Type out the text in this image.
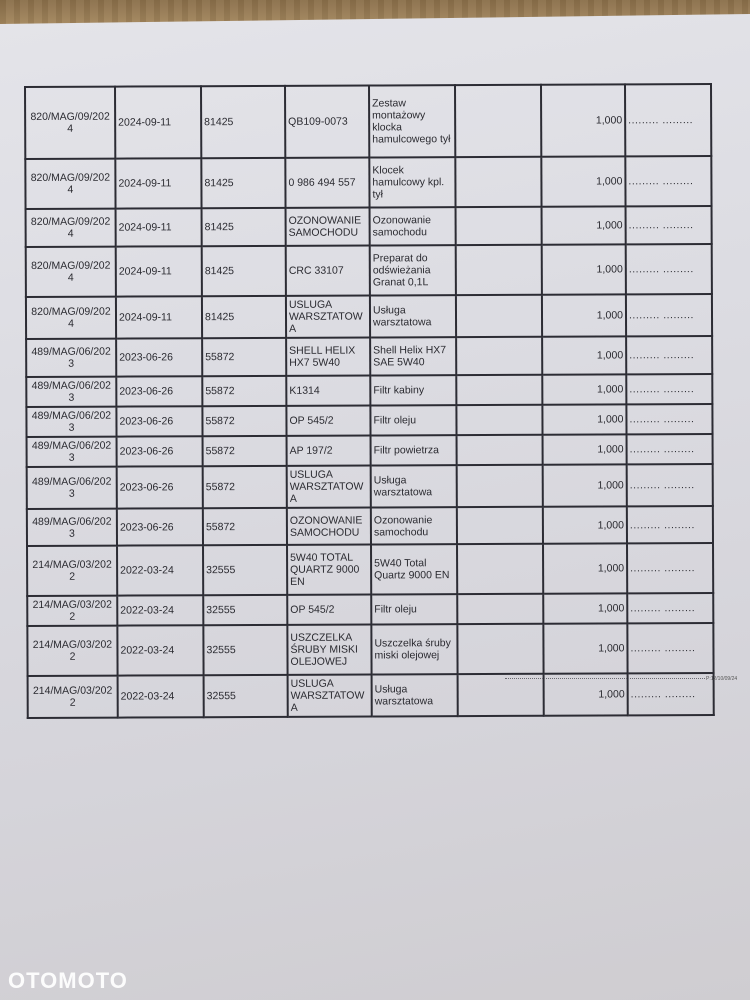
820/MAG/09/2024	2024-09-11	81425	QB109-0073	Zestaw montażowy klocka hamulcowego tył		1,000	......... .........
820/MAG/09/2024	2024-09-11	81425	0 986 494 557	Klocek hamulcowy kpl. tył		1,000	......... .........
820/MAG/09/2024	2024-09-11	81425	OZONOWANIE SAMOCHODU	Ozonowanie samochodu		1,000	......... .........
820/MAG/09/2024	2024-09-11	81425	CRC 33107	Preparat do odświeżania Granat 0,1L		1,000	......... .........
820/MAG/09/2024	2024-09-11	81425	USLUGA WARSZTATOWA	Usługa warsztatowa		1,000	......... .........
489/MAG/06/2023	2023-06-26	55872	SHELL HELIX HX7 5W40	Shell Helix HX7 SAE 5W40		1,000	......... .........
489/MAG/06/2023	2023-06-26	55872	K1314	Filtr kabiny		1,000	......... .........
489/MAG/06/2023	2023-06-26	55872	OP 545/2	Filtr oleju		1,000	......... .........
489/MAG/06/2023	2023-06-26	55872	AP 197/2	Filtr powietrza		1,000	......... .........
489/MAG/06/2023	2023-06-26	55872	USLUGA WARSZTATOWA	Usługa warsztatowa		1,000	......... .........
489/MAG/06/2023	2023-06-26	55872	OZONOWANIE SAMOCHODU	Ozonowanie samochodu		1,000	......... .........
214/MAG/03/2022	2022-03-24	32555	5W40 TOTAL QUARTZ 9000 EN	5W40 Total Quartz 9000 EN		1,000	......... .........
214/MAG/03/2022	2022-03-24	32555	OP 545/2	Filtr oleju		1,000	......... .........
214/MAG/03/2022	2022-03-24	32555	USZCZELKA ŚRUBY MISKI OLEJOWEJ	Uszczelka śruby miski olejowej		1,000	......... .........
214/MAG/03/2022	2022-03-24	32555	USLUGA WARSZTATOWA	Usługa warsztatowa		1,000	......... .........
P:12/10/09/24
OTOMOTO
